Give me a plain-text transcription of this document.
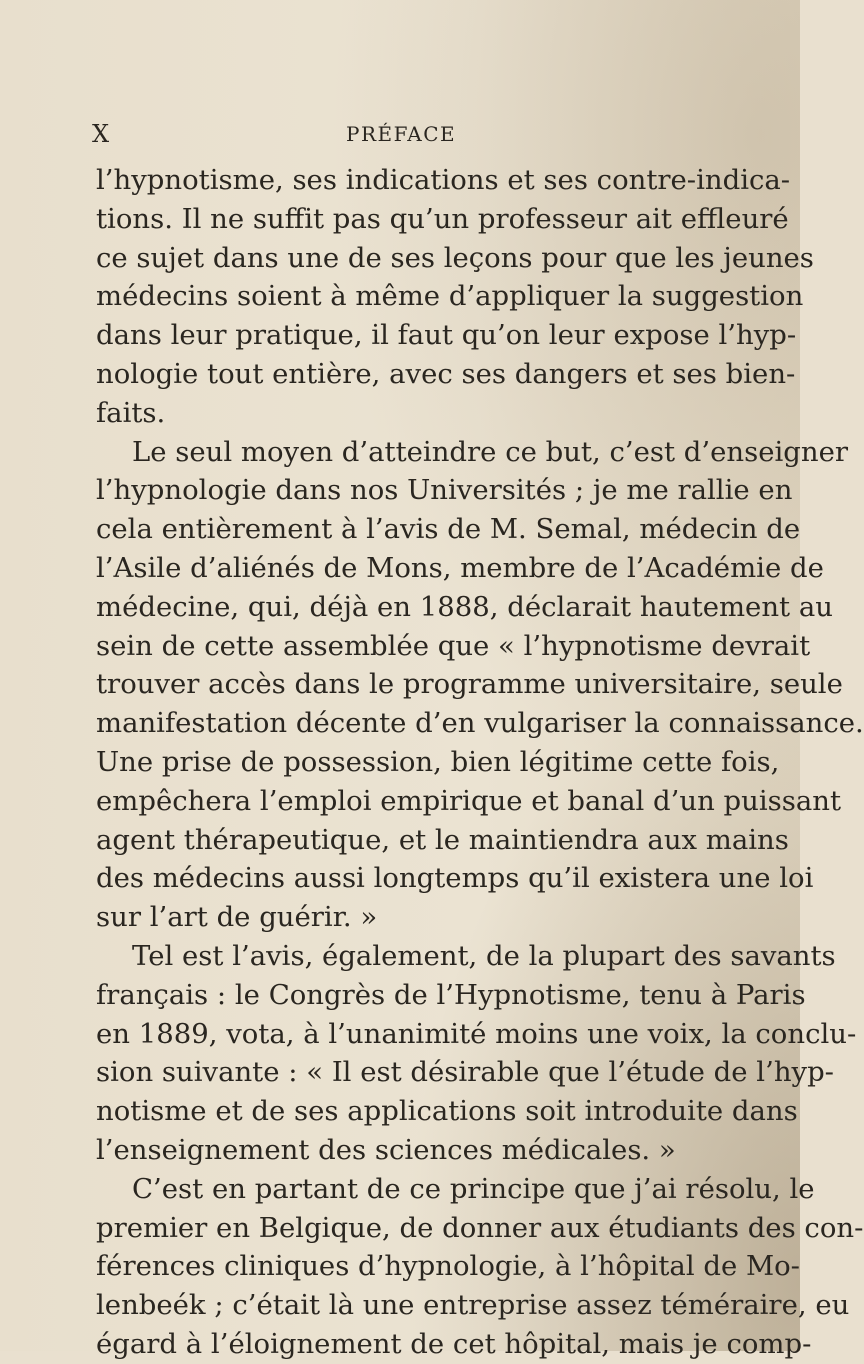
X	PRÉFACE
l’hypnotisme, ses indications et ses contre-indica-
tions. Il ne suffit pas qu’un professeur ait effleuré
ce sujet dans une de ses leçons pour que les jeunes
médecins soient à même d’appliquer la suggestion
dans leur pratique, il faut qu’on leur expose l’hyp-
nologie tout entière, avec ses dangers et ses bien-
faits.
Le seul moyen d’atteindre ce but, c’est d’enseigner
l’hypnologie dans nos Universités ; je me rallie en
cela entièrement à l’avis de M. Semal, médecin de
l’Asile d’aliénés de Mons, membre de l’Académie de
médecine, qui, déjà en 1888, déclarait hautement au
sein de cette assemblée que « l’hypnotisme devrait
trouver accès dans le programme universitaire, seule
manifestation décente d’en vulgariser la connaissance.
Une prise de possession, bien légitime cette fois,
empêchera l’emploi empirique et banal d’un puissant
agent thérapeutique, et le maintiendra aux mains
des médecins aussi longtemps qu’il existera une loi
sur l’art de guérir. »
Tel est l’avis, également, de la plupart des savants
français : le Congrès de l’Hypnotisme, tenu à Paris
en 1889, vota, à l’unanimité moins une voix, la conclu-
sion suivante : « Il est désirable que l’étude de l’hyp-
notisme et de ses applications soit introduite dans
l’enseignement des sciences médicales. »
C’est en partant de ce principe que j’ai résolu, le
premier en Belgique, de donner aux étudiants des con-
férences cliniques d’hypnologie, à l’hôpital de Mo-
lenbeék ; c’était là une entreprise assez téméraire, eu
égard à l’éloignement de cet hôpital, mais je comp-
